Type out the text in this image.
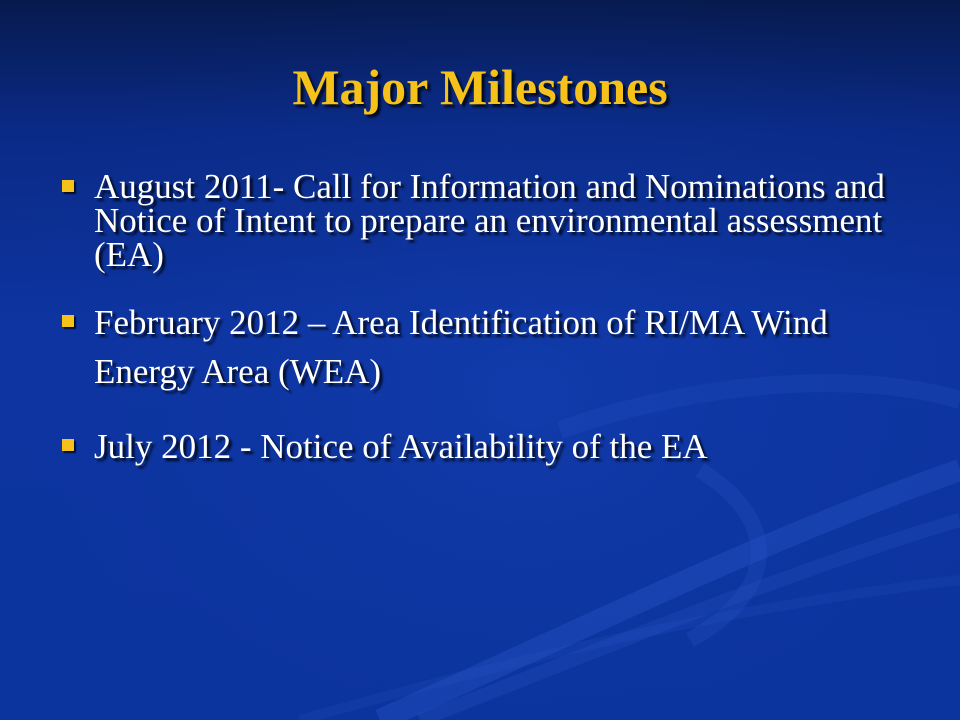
Major Milestones
August 2011- Call for Information and Nominations and Notice of Intent to prepare an environmental assessment (EA)
February 2012 – Area Identification of RI/MA Wind Energy Area (WEA)
July 2012 - Notice of Availability of the EA
